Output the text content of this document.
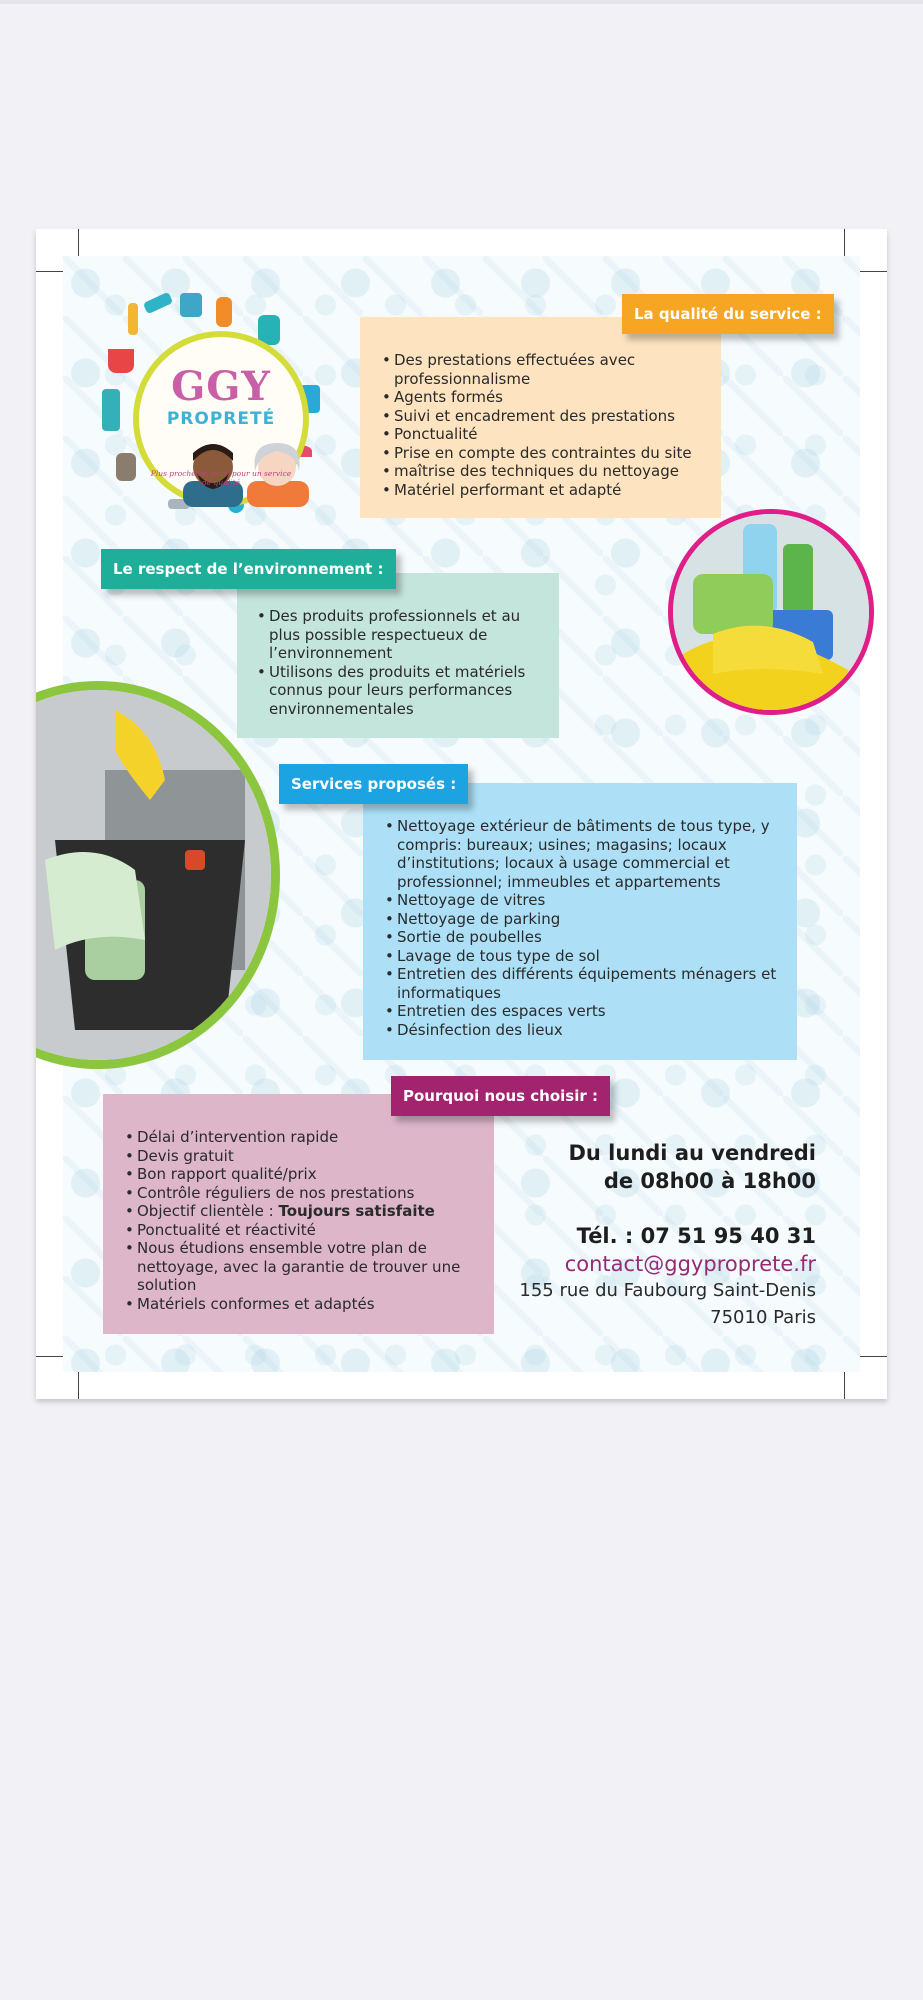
GGY
PROPRETÉ
Plus proche de vous, pour un service de qualité
• Des prestations effectuées avec professionnalisme
• Agents formés
• Suivi et encadrement des prestations
• Ponctualité
• Prise en compte des contraintes du site
• maîtrise des techniques du nettoyage
• Matériel performant et adapté
La qualité du service :
• Des produits professionnels et au plus possible respectueux de l’environnement
• Utilisons des produits et matériels connus pour leurs performances environnementales
Le respect de l’environnement :
• Nettoyage extérieur de bâtiments de tous type, y compris: bureaux; usines; magasins; locaux d’institutions; locaux à usage commercial et professionnel; immeubles et appartements
• Nettoyage de vitres
• Nettoyage de parking
• Sortie de poubelles
• Lavage de tous type de sol
• Entretien des différents équipements ménagers et informatiques
• Entretien des espaces verts
• Désinfection des lieux
Services proposés :
• Délai d’intervention rapide
• Devis gratuit
• Bon rapport qualité/prix
• Contrôle réguliers de nos prestations
• Objectif clientèle : Toujours satisfaite
• Ponctualité et réactivité
• Nous étudions ensemble votre plan de nettoyage, avec la garantie de trouver une solution
• Matériels conformes et adaptés
Pourquoi nous choisir :
Du lundi au vendredi
de 08h00 à 18h00
Tél. : 07 51 95 40 31
contact@ggyproprete.fr
155 rue du Faubourg Saint-Denis
75010 Paris
